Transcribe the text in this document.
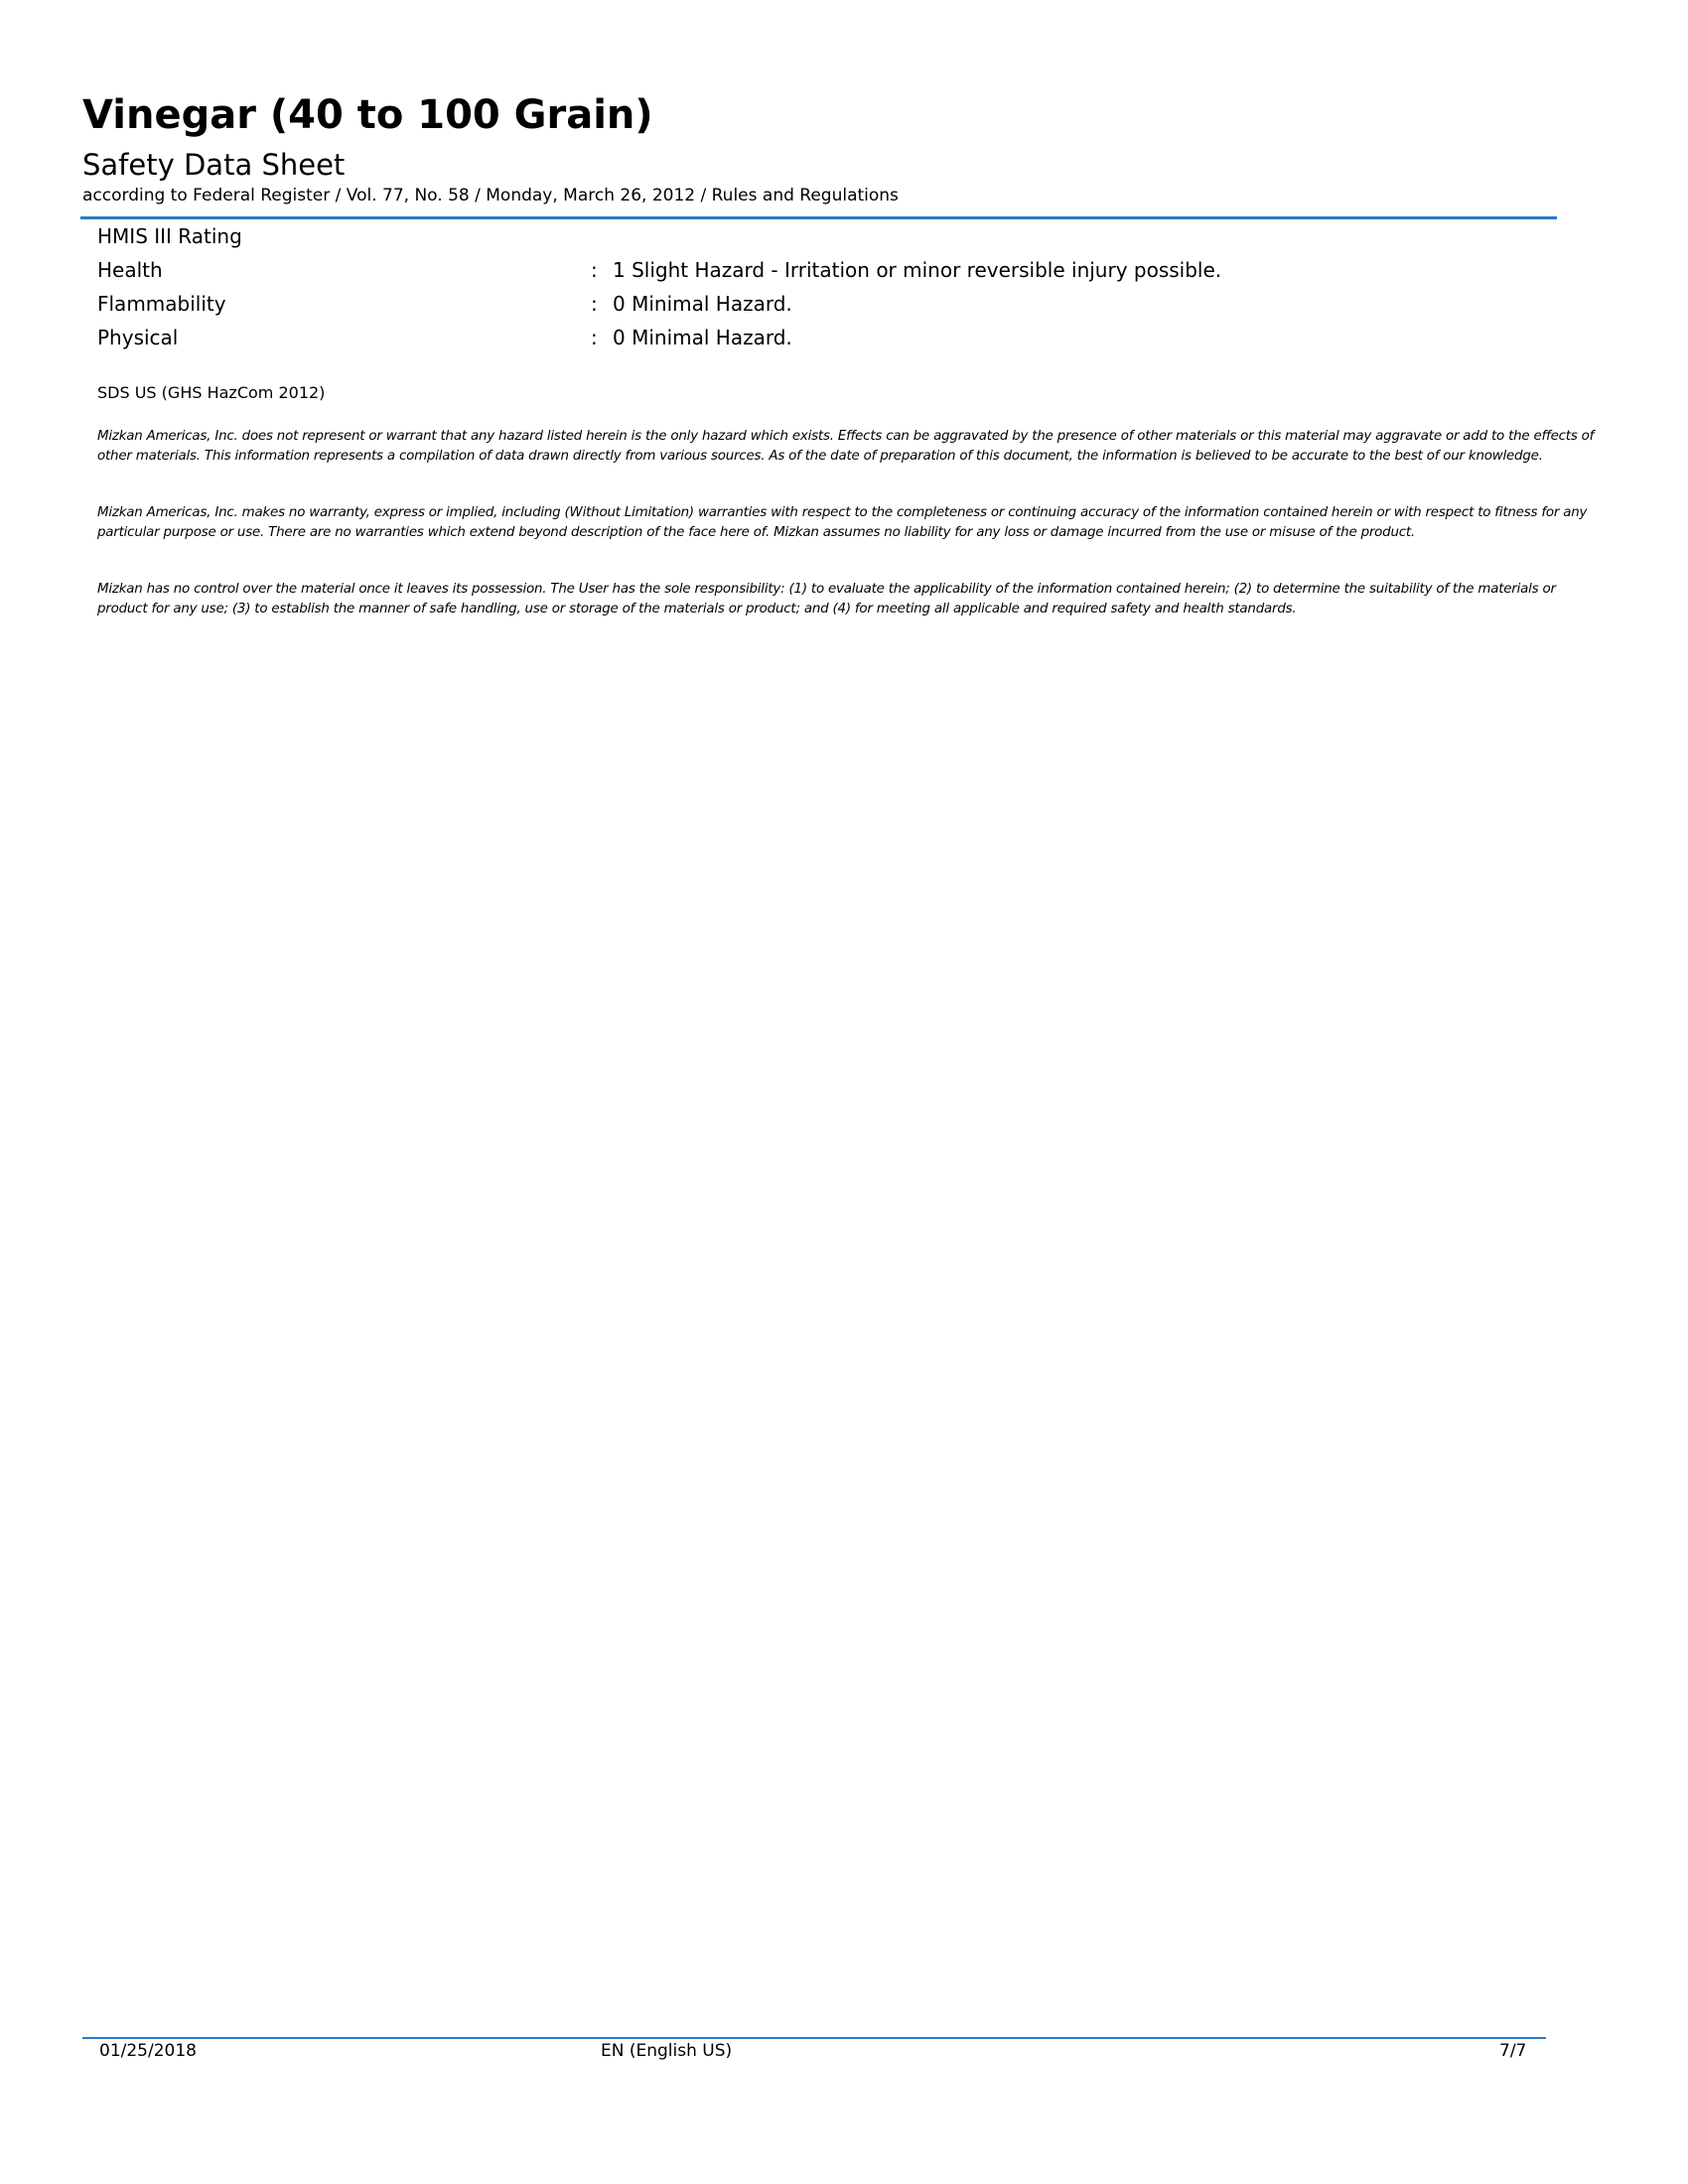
Vinegar (40 to 100 Grain)
Safety Data Sheet
according to Federal Register / Vol. 77, No. 58 / Monday, March 26, 2012 / Rules and Regulations
HMIS III Rating
Health	: 1 Slight Hazard - Irritation or minor reversible injury possible.
Flammability	: 0 Minimal Hazard.
Physical	: 0 Minimal Hazard.
SDS US (GHS HazCom 2012)

Mizkan Americas, Inc. does not represent or warrant that any hazard listed herein is the only hazard which exists. Effects can be aggravated by the presence of other materials or this material may aggravate or add to the effects of other materials. This information represents a compilation of data drawn directly from various sources. As of the date of preparation of this document, the information is believed to be accurate to the best of our knowledge.

Mizkan Americas, Inc. makes no warranty, express or implied, including (Without Limitation) warranties with respect to the completeness or continuing accuracy of the information contained herein or with respect to fitness for any particular purpose or use. There are no warranties which extend beyond description of the face here of. Mizkan assumes no liability for any loss or damage incurred from the use or misuse of the product.

Mizkan has no control over the material once it leaves its possession. The User has the sole responsibility: (1) to evaluate the applicability of the information contained herein; (2) to determine the suitability of the materials or product for any use; (3) to establish the manner of safe handling, use or storage of the materials or product; and (4) for meeting all applicable and required safety and health standards.

01/25/2018	EN (English US)	7/7
